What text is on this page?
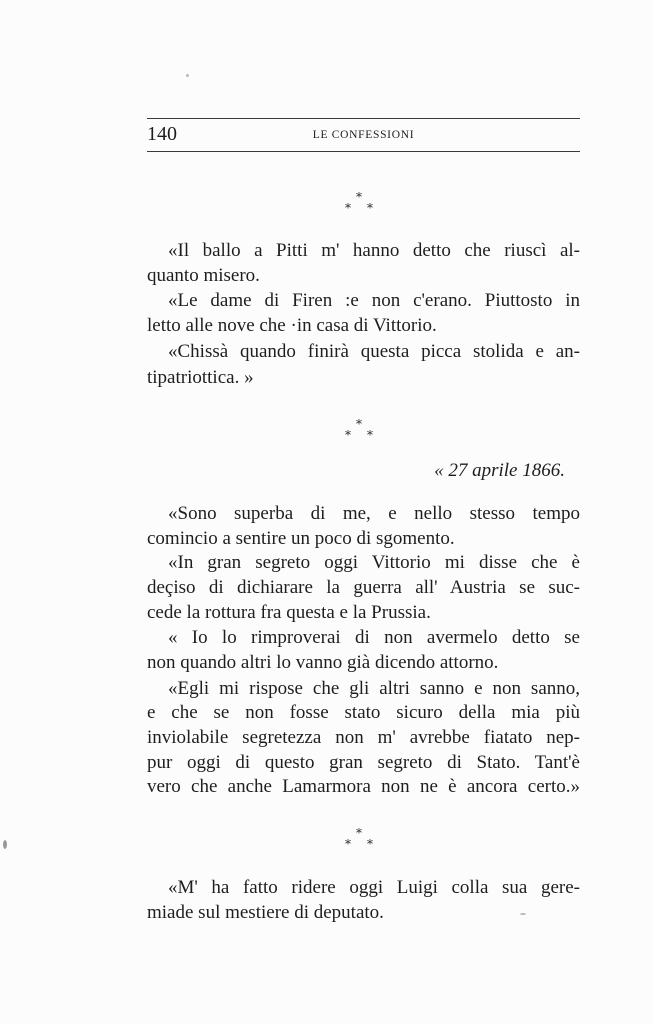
140	LE CONFESSIONI

*
* *

«Il ballo a Pitti m' hanno detto che riuscì al-

quanto misero.

«Le dame di Firen :e non c'erano. Piuttosto in

letto alle nove che ·in casa di Vittorio.

«Chissà quando finirà questa picca stolida e an-

tipatriottica. »

*
* *

« 27 aprile 1866.

«Sono superba di me, e nello stesso tempo

comincio a sentire un poco di sgomento.

«In gran segreto oggi Vittorio mi disse che è

deçiso di dichiarare la guerra all' Austria se suc-

cede la rottura fra questa e la Prussia.

« Io lo rimproverai di non avermelo detto se

non quando altri lo vanno già dicendo attorno.

«Egli mi rispose che gli altri sanno e non sanno,

e che se non fosse stato sicuro della mia più

inviolabile segretezza non m' avrebbe fiatato nep-

pur oggi di questo gran segreto di Stato. Tant'è

vero che anche Lamarmora non ne è ancora certo.»

*
* *

«M' ha fatto ridere oggi Luigi colla sua gere-

miade sul mestiere di deputato.
